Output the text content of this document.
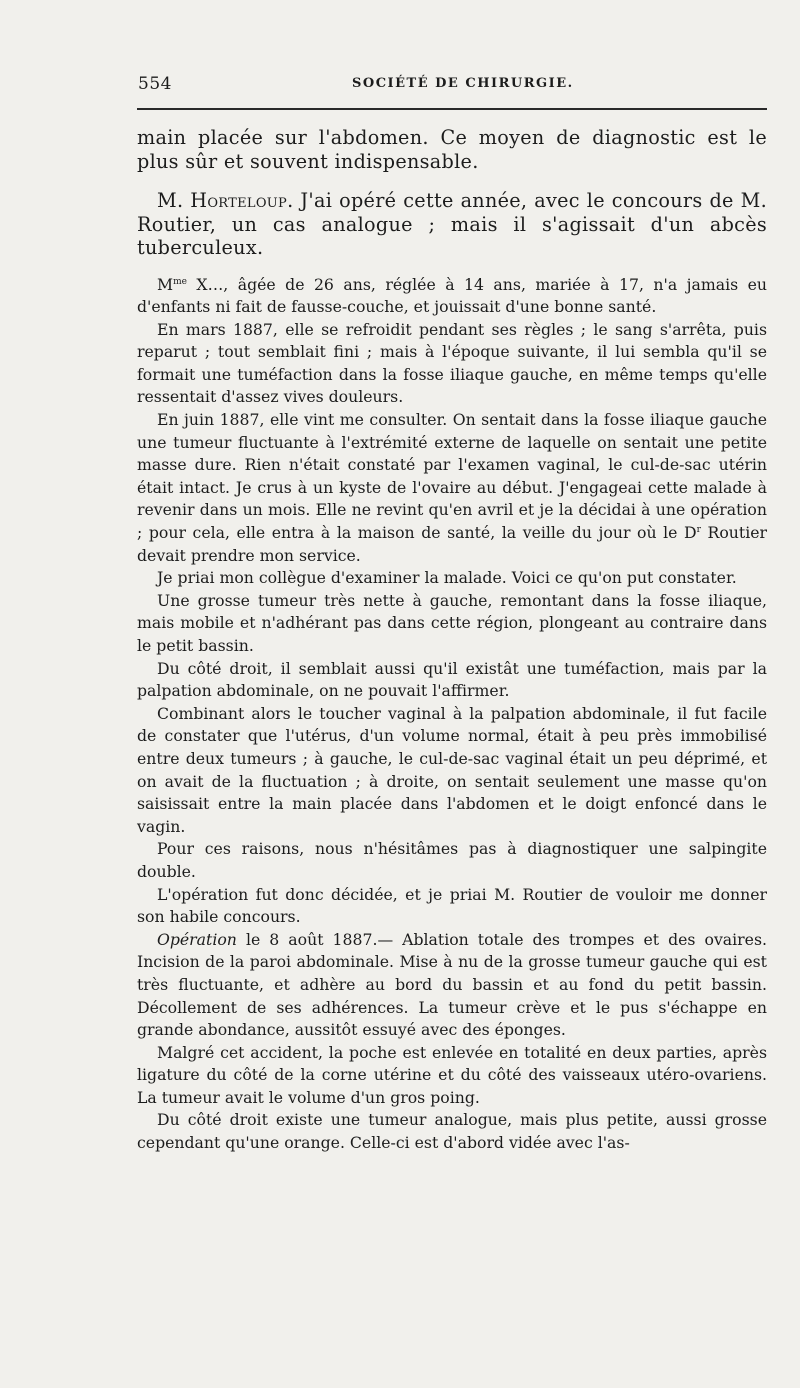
554	SOCIÉTÉ DE CHIRURGIE.

main placée sur l'abdomen. Ce moyen de diagnostic est le plus sûr et souvent indispensable.

M. Horteloup. J'ai opéré cette année, avec le concours de M. Routier, un cas analogue ; mais il s'agissait d'un abcès tuberculeux.

$M^{me}$ X…, âgée de 26 ans, réglée à 14 ans, mariée à 17, n'a jamais eu d'enfants ni fait de fausse-couche, et jouissait d'une bonne santé.

En mars 1887, elle se refroidit pendant ses règles ; le sang s'arrêta, puis reparut ; tout semblait fini ; mais à l'époque suivante, il lui sembla qu'il se formait une tuméfaction dans la fosse iliaque gauche, en même temps qu'elle ressentait d'assez vives douleurs.

En juin 1887, elle vint me consulter. On sentait dans la fosse iliaque gauche une tumeur fluctuante à l'extrémité externe de laquelle on sentait une petite masse dure. Rien n'était constaté par l'examen vaginal, le cul-de-sac utérin était intact. Je crus à un kyste de l'ovaire au début. J'engageai cette malade à revenir dans un mois. Elle ne revint qu'en avril et je la décidai à une opération ; pour cela, elle entra à la maison de santé, la veille du jour où le $D^r$ Routier devait prendre mon service.

Je priai mon collègue d'examiner la malade. Voici ce qu'on put constater.

Une grosse tumeur très nette à gauche, remontant dans la fosse iliaque, mais mobile et n'adhérant pas dans cette région, plongeant au contraire dans le petit bassin.

Du côté droit, il semblait aussi qu'il existât une tuméfaction, mais par la palpation abdominale, on ne pouvait l'affirmer.

Combinant alors le toucher vaginal à la palpation abdominale, il fut facile de constater que l'utérus, d'un volume normal, était à peu près immobilisé entre deux tumeurs ; à gauche, le cul-de-sac vaginal était un peu déprimé, et on avait de la fluctuation ; à droite, on sentait seulement une masse qu'on saisissait entre la main placée dans l'abdomen et le doigt enfoncé dans le vagin.

Pour ces raisons, nous n'hésitâmes pas à diagnostiquer une salpingite double.

L'opération fut donc décidée, et je priai M. Routier de vouloir me donner son habile concours.

Opération le 8 août 1887.— Ablation totale des trompes et des ovaires. Incision de la paroi abdominale. Mise à nu de la grosse tumeur gauche qui est très fluctuante, et adhère au bord du bassin et au fond du petit bassin. Décollement de ses adhérences. La tumeur crève et le pus s'échappe en grande abondance, aussitôt essuyé avec des éponges.

Malgré cet accident, la poche est enlevée en totalité en deux parties, après ligature du côté de la corne utérine et du côté des vaisseaux utéro-ovariens. La tumeur avait le volume d'un gros poing.

Du côté droit existe une tumeur analogue, mais plus petite, aussi grosse cependant qu'une orange. Celle-ci est d'abord vidée avec l'as-
